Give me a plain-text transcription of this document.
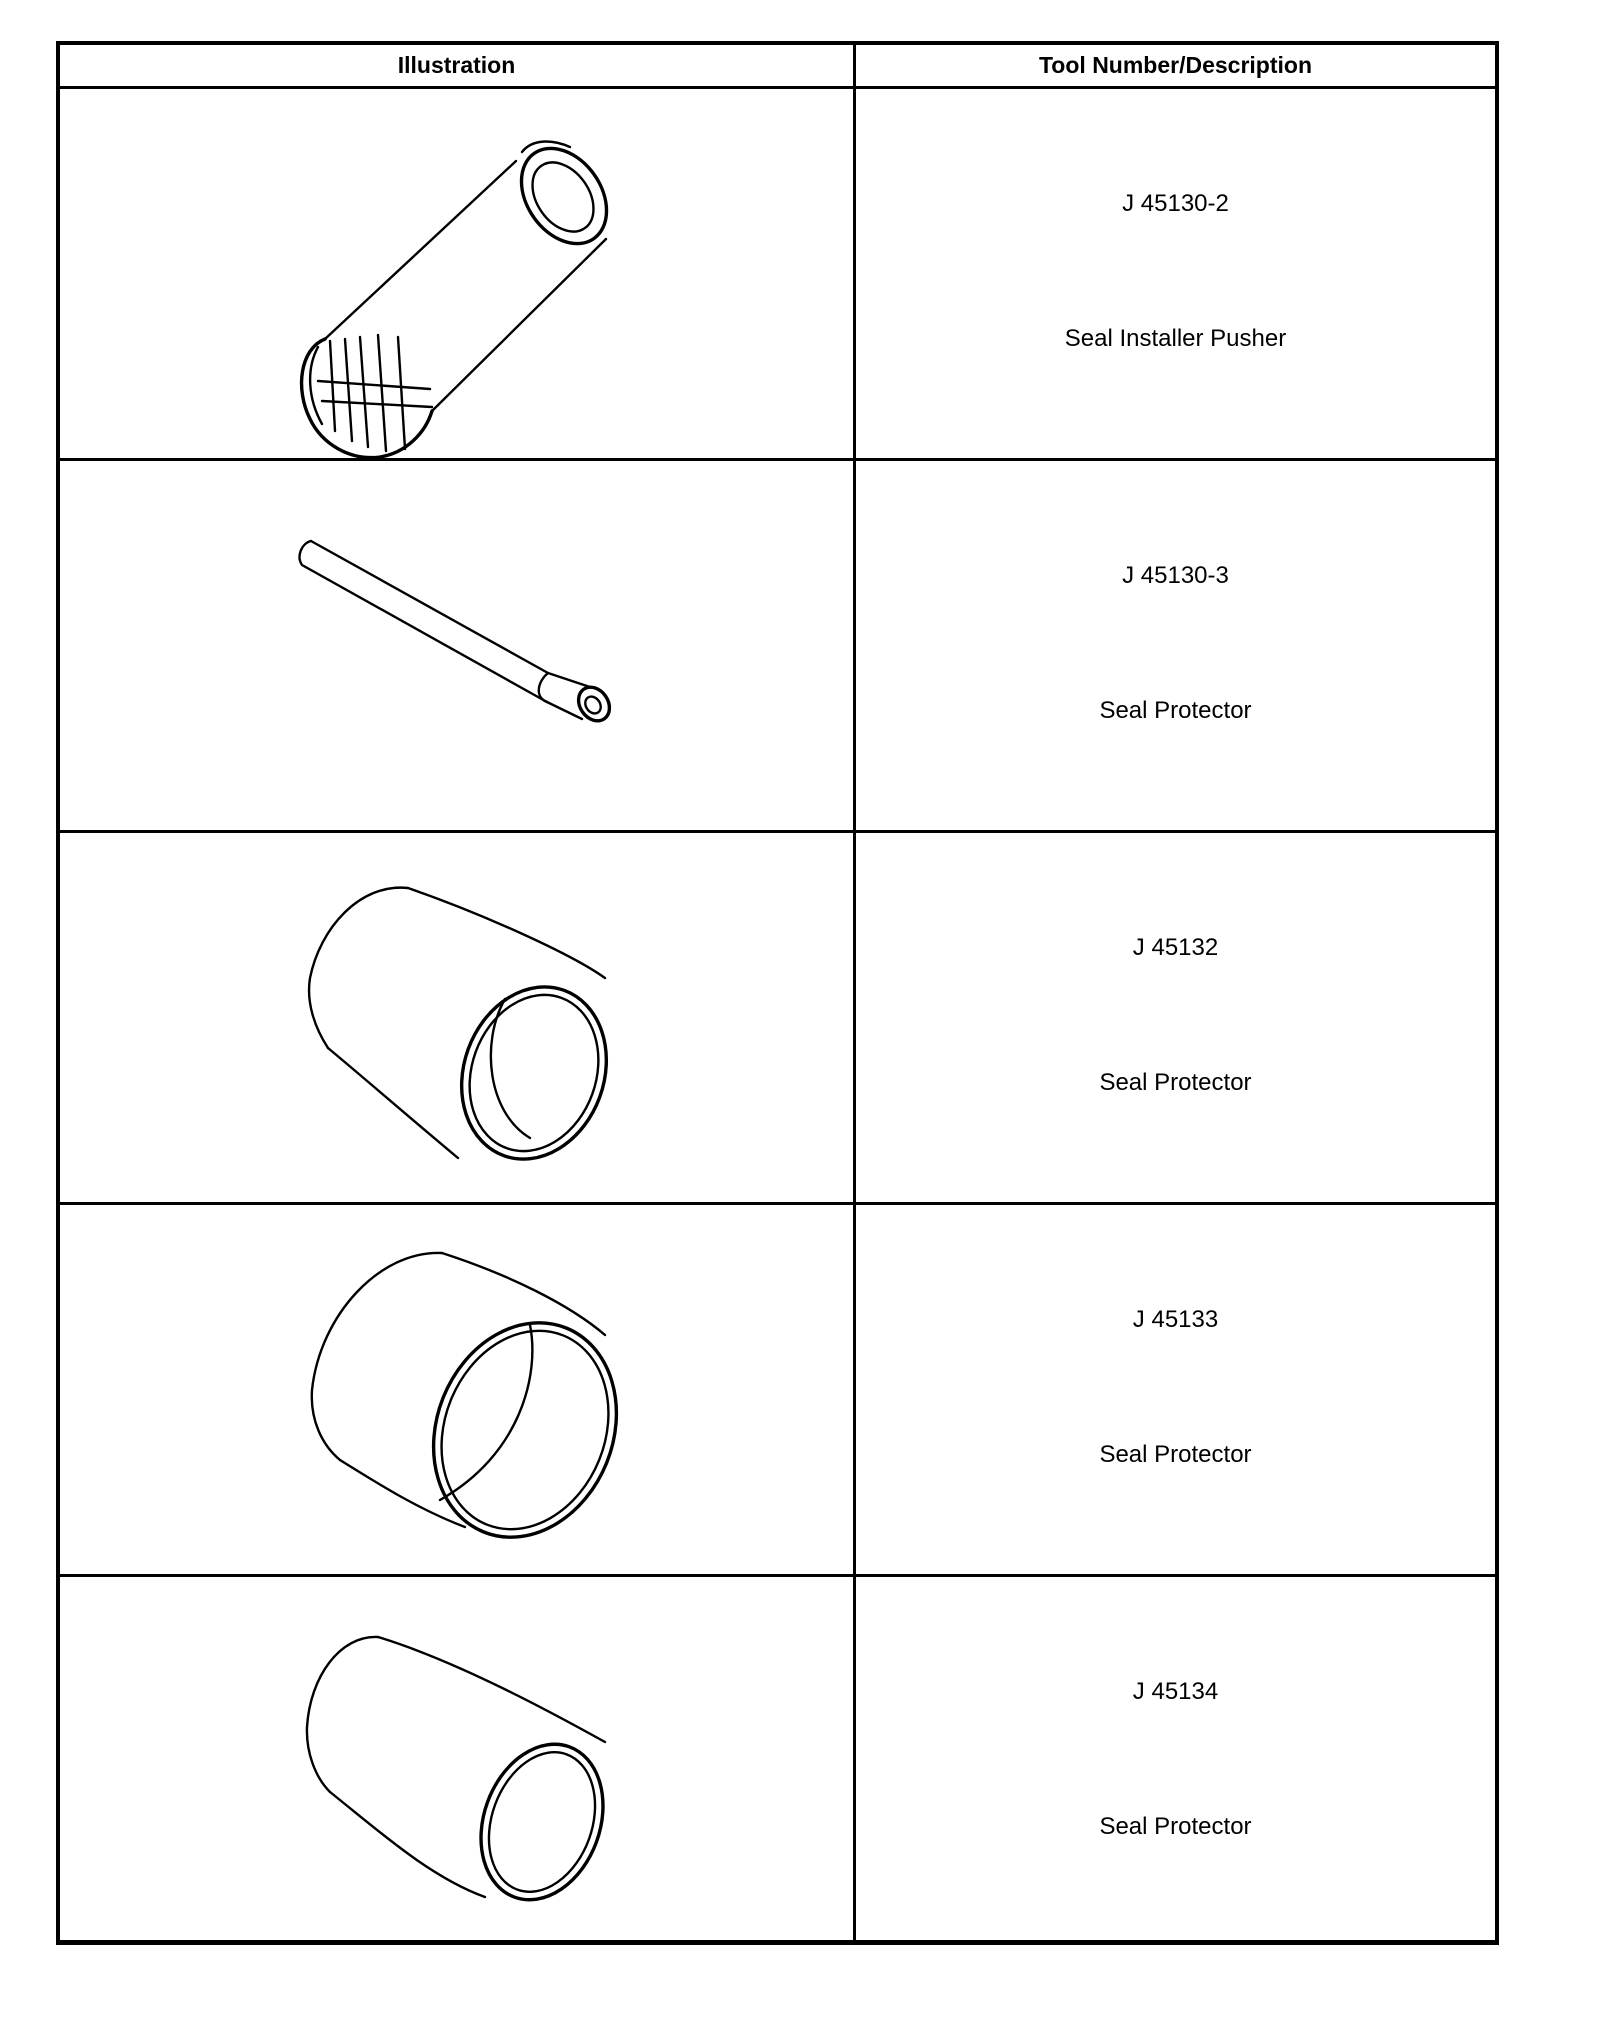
Illustration	Tool Number/Description
J 45130-2
Seal Installer Pusher
J 45130-3
Seal Protector
J 45132
Seal Protector
J 45133
Seal Protector
J 45134
Seal Protector
